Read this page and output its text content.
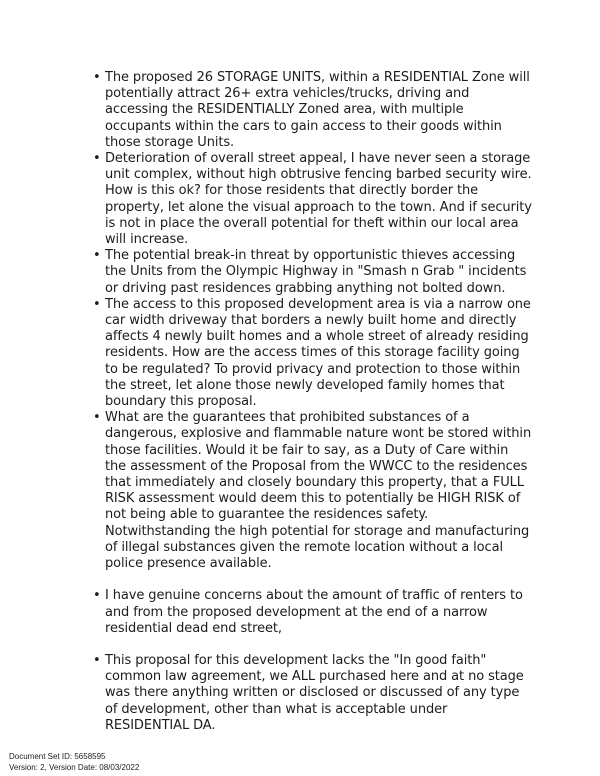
• The proposed 26 STORAGE UNITS, within a RESIDENTIAL Zone will potentially attract 26+ extra vehicles/trucks, driving and accessing the RESIDENTIALLY Zoned area, with multiple occupants within the cars to gain access to their goods within those storage Units.
• Deterioration of overall street appeal, I have never seen a storage unit complex, without high obtrusive fencing barbed security wire. How is this ok? for those residents that directly border the property, let alone the visual approach to the town. And if security is not in place the overall potential for theft within our local area will increase.
• The potential break-in threat by opportunistic thieves accessing the Units from the Olympic Highway in "Smash n Grab " incidents or driving past residences grabbing anything not bolted down.
• The access to this proposed development area is via a narrow one car width driveway that borders a newly built home and directly affects 4 newly built homes and a whole street of already residing residents. How are the access times of this storage facility going to be regulated? To provid privacy and protection to those within the street, let alone those newly developed family homes that boundary this proposal.
• What are the guarantees that prohibited substances of a dangerous, explosive and flammable nature wont be stored within those facilities. Would it be fair to say, as a Duty of Care within the assessment of the Proposal from the WWCC to the residences that immediately and closely boundary this property, that a FULL RISK assessment would deem this to potentially be HIGH RISK of not being able to guarantee the residences safety. Notwithstanding the high potential for storage and manufacturing of illegal substances given the remote location without a local police presence available.
• I have genuine concerns about the amount of traffic of renters to and from the proposed development at the end of a narrow residential dead end street,
• This proposal for this development lacks the "In good faith" common law agreement, we ALL purchased here and at no stage was there anything written or disclosed or discussed of any type of development, other than what is acceptable under RESIDENTIAL DA.
Document Set ID: 5658595
Version: 2, Version Date: 08/03/2022
